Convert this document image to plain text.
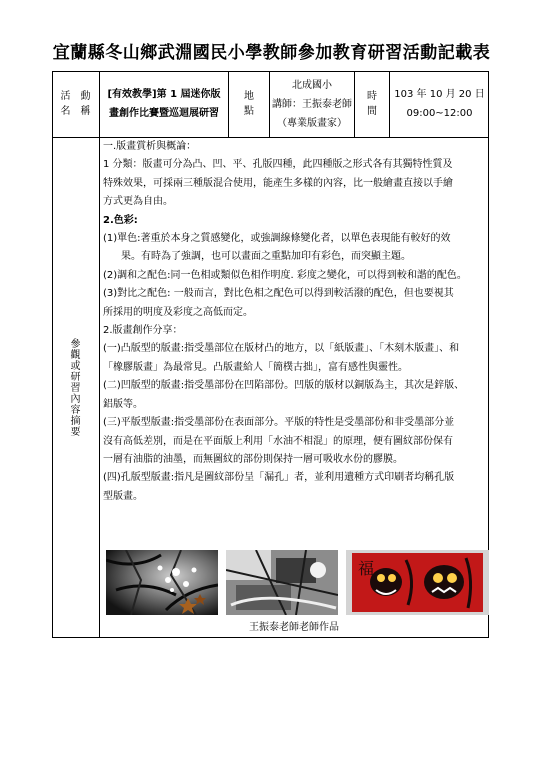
宜蘭縣冬山鄉武淵國民小學教師參加教育研習活動記載表
活　動
名　稱
[有效教學]第 1 屆迷你版畫創作比賽暨巡迴展研習
地
點
北成國小
講師：王振泰老師
（專業版畫家）
時
間
103 年 10 月 20 日
09:00~12:00
參觀或研習內容摘要

一.版畫賞析與概論：

1 分類：版畫可分為凸、凹、平、孔版四種，此四種版之形式各有其獨特性質及

特殊效果，可採兩三種版混合使用，能產生多樣的內容，比一般繪畫直接以手繪

方式更為自由。

2.色彩:

(1)單色:著重於本身之質感變化，或強調線條變化者，以單色表現能有較好的效

果。有時為了強調，也可以畫面之重點加印有彩色，而突顯主題。

(2)調和之配色:同一色相或類似色相作明度. 彩度之變化，可以得到較和諧的配色。

(3)對比之配色: 一般而言，對比色相之配色可以得到較活潑的配色，但也要視其

所採用的明度及彩度之高低而定。

2.版畫創作分享：

(一)凸版型的版畫:指受墨部位在版材凸的地方，以「紙版畫」、「木刻木版畫」、和

「橡膠版畫」為最常見。凸版畫給人「簡樸古拙」，富有感性與靈性。

(二)凹版型的版畫:指受墨部份在凹陷部份。凹版的版材以銅版為主，其次是鋅版、

鋁版等。

(三)平版型版畫:指受墨部份在表面部分。平版的特性是受墨部份和非受墨部分並

沒有高低差別，而是在平面版上利用「水油不相混」的原理，便有圖紋部份保有

一層有油脂的油墨，而無圖紋的部份則保持一層可吸收水份的膠膜。

(四)孔版型版畫:指凡是圖紋部份呈「漏孔」者，並利用遺種方式印刷者均稱孔版

型版畫。

福
王振泰老師老師作品
